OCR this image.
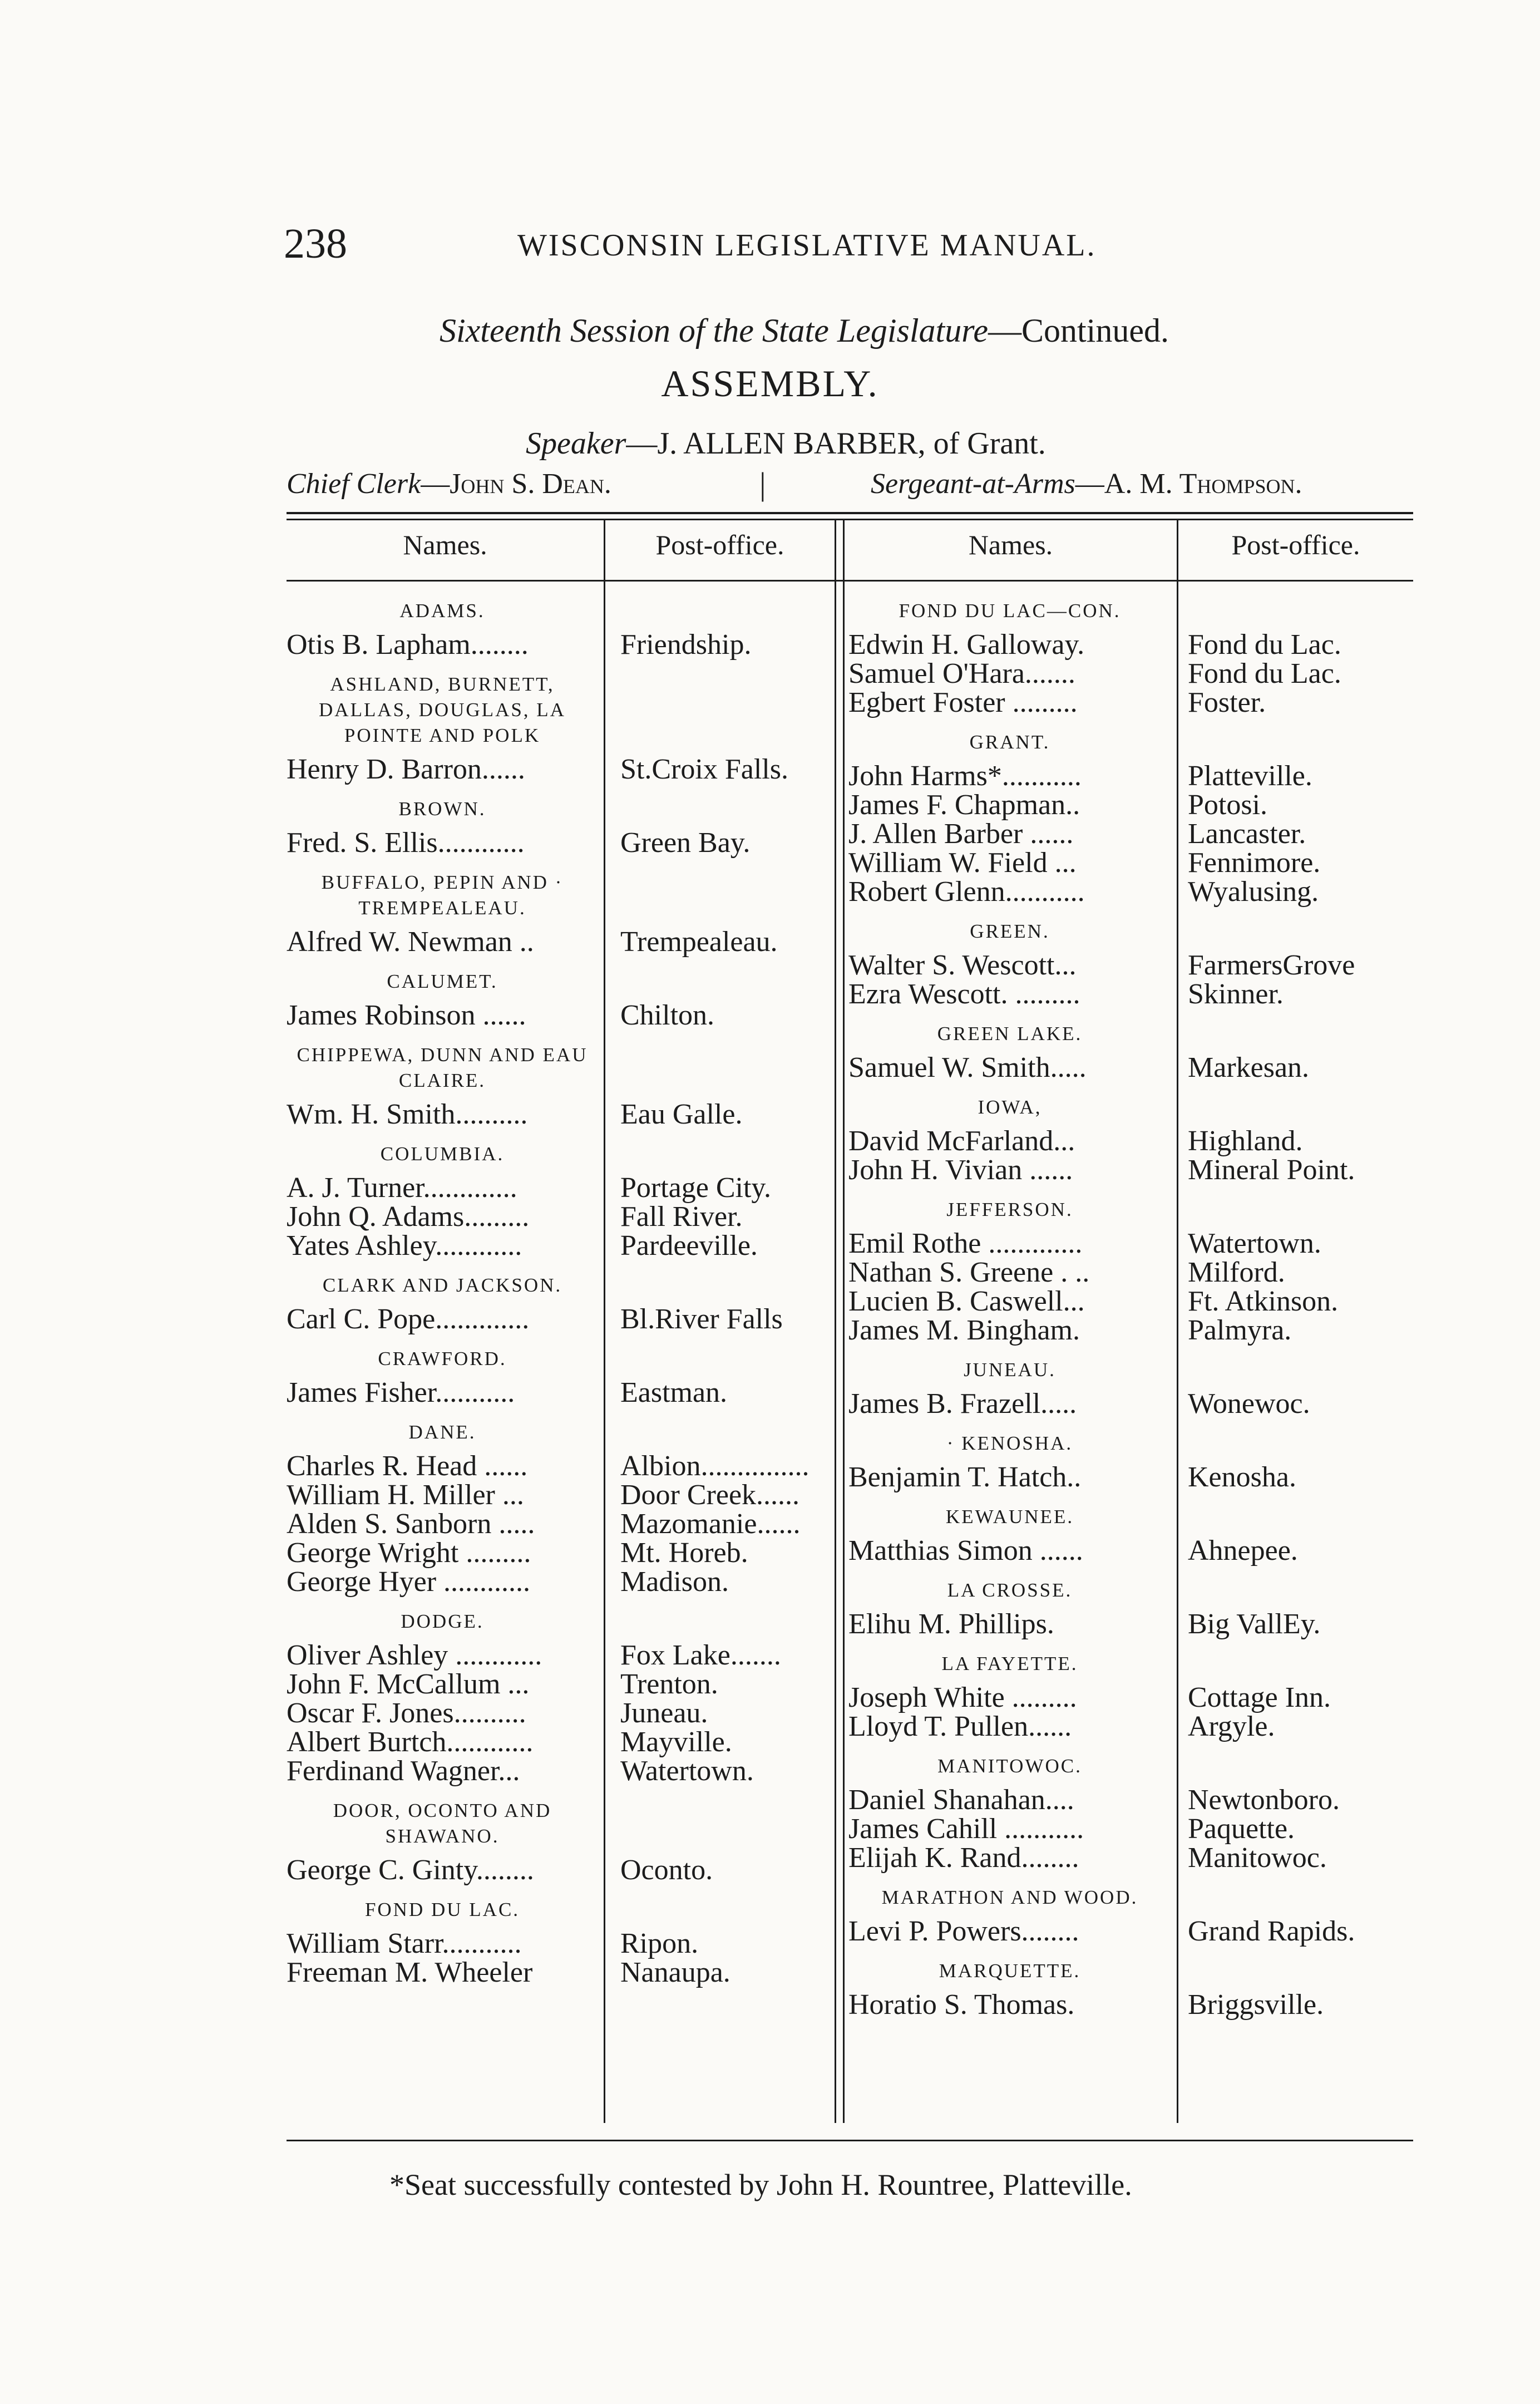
238	WISCONSIN LEGISLATIVE MANUAL.
Sixteenth Session of the State Legislature—Continued.
ASSEMBLY.
Speaker—J. ALLEN BARBER, of Grant.
Chief Clerk—John S. Dean.	|	Sergeant-at-Arms—A. M. Thompson.
Names.	Post-office.	Names.	Post-office.
ADAMS.
Otis B. Lapham........	Friendship.
ASHLAND, BURNETT, DALLAS, DOUGLAS, LA POINTE AND POLK
Henry D. Barron......	St.Croix Falls.
BROWN.
Fred. S. Ellis............	Green Bay.
BUFFALO, PEPIN AND · TREMPEALEAU.
Alfred W. Newman ..	Trempealeau.
CALUMET.
James Robinson ......	Chilton.
CHIPPEWA, DUNN AND EAU CLAIRE.
Wm. H. Smith..........	Eau Galle.
COLUMBIA.
A. J. Turner.............	Portage City.
John Q. Adams.........	Fall River.
Yates Ashley............	Pardeeville.
CLARK AND JACKSON.
Carl C. Pope.............	Bl.River Falls
CRAWFORD.
James Fisher...........	Eastman.
DANE.
Charles R. Head ......	Albion...............
William H. Miller ...	Door Creek......
Alden S. Sanborn .....	Mazomanie......
George Wright .........	Mt. Horeb.
George Hyer ............	Madison.
DODGE.
Oliver Ashley ............	Fox Lake.......
John F. McCallum ...	Trenton.
Oscar F. Jones..........	Juneau.
Albert Burtch............	Mayville.
Ferdinand Wagner...	Watertown.
DOOR, OCONTO AND SHAWANO.
George C. Ginty........	Oconto.
FOND DU LAC.
William Starr...........	Ripon.
Freeman M. Wheeler	Nanaupa.
FOND DU LAC—CON.
Edwin H. Galloway.	Fond du Lac.
Samuel O'Hara.......	Fond du Lac.
Egbert Foster .........	Foster.
GRANT.
John Harms*...........	Platteville.
James F. Chapman..	Potosi.
J. Allen Barber ......	Lancaster.
William W. Field ...	Fennimore.
Robert Glenn...........	Wyalusing.
GREEN.
Walter S. Wescott...	FarmersGrove
Ezra Wescott. .........	Skinner.
GREEN LAKE.
Samuel W. Smith.....	Markesan.
IOWA,
David McFarland...	Highland.
John H. Vivian ......	Mineral Point.
JEFFERSON.
Emil Rothe .............	Watertown.
Nathan S. Greene . ..	Milford.
Lucien B. Caswell...	Ft. Atkinson.
James M. Bingham.	Palmyra.
JUNEAU.
James B. Frazell.....	Wonewoc.
· KENOSHA.
Benjamin T. Hatch..	Kenosha.
KEWAUNEE.
Matthias Simon ......	Ahnepee.
LA CROSSE.
Elihu M. Phillips.	Big VallEy.
LA FAYETTE.
Joseph White .........	Cottage Inn.
Lloyd T. Pullen......	Argyle.
MANITOWOC.
Daniel Shanahan....	Newtonboro.
James Cahill ...........	Paquette.
Elijah K. Rand........	Manitowoc.
MARATHON AND WOOD.
Levi P. Powers........	Grand Rapids.
MARQUETTE.
Horatio S. Thomas.	Briggsville.
*Seat successfully contested by John H. Rountree, Platteville.
